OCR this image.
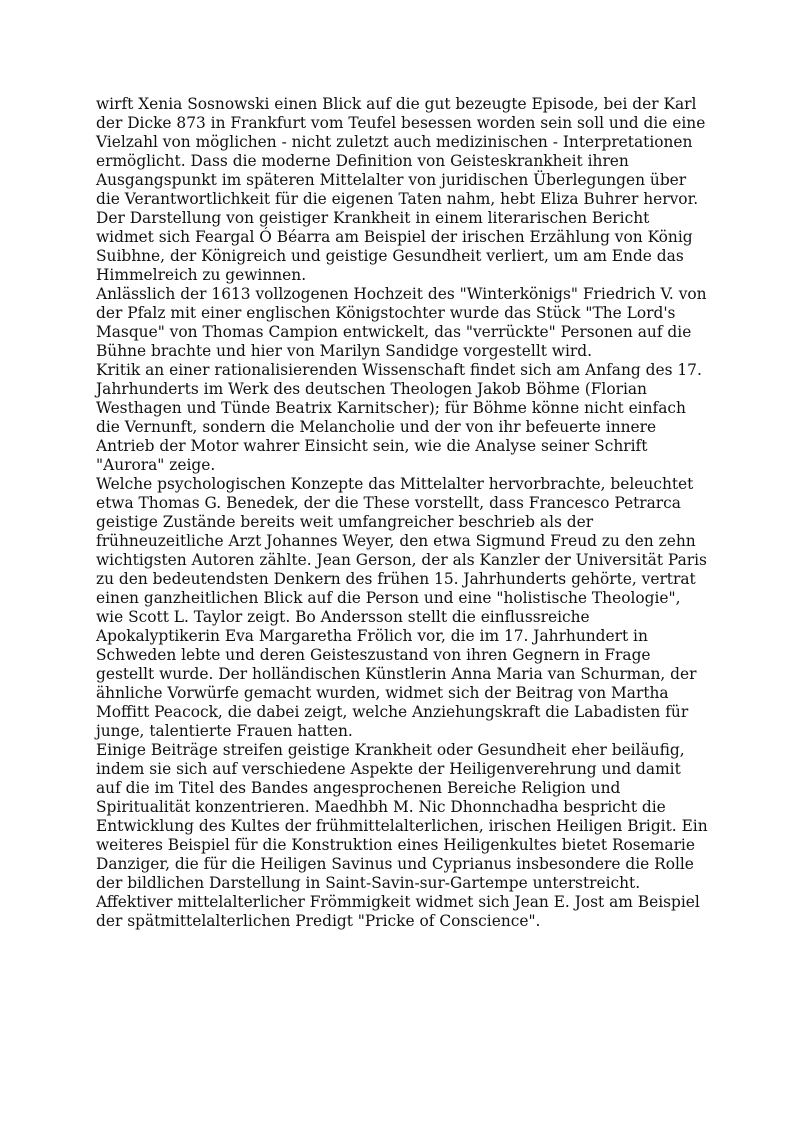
wirft Xenia Sosnowski einen Blick auf die gut bezeugte Episode, bei der Karl der Dicke 873 in Frankfurt vom Teufel besessen worden sein soll und die eine Vielzahl von möglichen - nicht zuletzt auch medizinischen - Interpretationen ermöglicht. Dass die moderne Definition von Geisteskrankheit ihren Ausgangspunkt im späteren Mittelalter von juridischen Überlegungen über die Verantwortlichkeit für die eigenen Taten nahm, hebt Eliza Buhrer hervor. Der Darstellung von geistiger Krankheit in einem literarischen Bericht widmet sich Feargal Ó Béarra am Beispiel der irischen Erzählung von König Suibhne, der Königreich und geistige Gesundheit verliert, um am Ende das Himmelreich zu gewinnen.

Anlässlich der 1613 vollzogenen Hochzeit des "Winterkönigs" Friedrich V. von der Pfalz mit einer englischen Königstochter wurde das Stück "The Lord's Masque" von Thomas Campion entwickelt, das "verrückte" Personen auf die Bühne brachte und hier von Marilyn Sandidge vorgestellt wird.

Kritik an einer rationalisierenden Wissenschaft findet sich am Anfang des 17. Jahrhunderts im Werk des deutschen Theologen Jakob Böhme (Florian Westhagen und Tünde Beatrix Karnitscher); für Böhme könne nicht einfach die Vernunft, sondern die Melancholie und der von ihr befeuerte innere Antrieb der Motor wahrer Einsicht sein, wie die Analyse seiner Schrift "Aurora" zeige.

Welche psychologischen Konzepte das Mittelalter hervorbrachte, beleuchtet etwa Thomas G. Benedek, der die These vorstellt, dass Francesco Petrarca geistige Zustände bereits weit umfangreicher beschrieb als der frühneuzeitliche Arzt Johannes Weyer, den etwa Sigmund Freud zu den zehn wichtigsten Autoren zählte. Jean Gerson, der als Kanzler der Universität Paris zu den bedeutendsten Denkern des frühen 15. Jahrhunderts gehörte, vertrat einen ganzheitlichen Blick auf die Person und eine "holistische Theologie", wie Scott L. Taylor zeigt. Bo Andersson stellt die einflussreiche Apokalyptikerin Eva Margaretha Frölich vor, die im 17. Jahrhundert in Schweden lebte und deren Geisteszustand von ihren Gegnern in Frage gestellt wurde. Der holländischen Künstlerin Anna Maria van Schurman, der ähnliche Vorwürfe gemacht wurden, widmet sich der Beitrag von Martha Moffitt Peacock, die dabei zeigt, welche Anziehungskraft die Labadisten für junge, talentierte Frauen hatten.

Einige Beiträge streifen geistige Krankheit oder Gesundheit eher beiläufig, indem sie sich auf verschiedene Aspekte der Heiligenverehrung und damit auf die im Titel des Bandes angesprochenen Bereiche Religion und Spiritualität konzentrieren. Maedhbh M. Nic Dhonnchadha bespricht die Entwicklung des Kultes der frühmittelalterlichen, irischen Heiligen Brigit. Ein weiteres Beispiel für die Konstruktion eines Heiligenkultes bietet Rosemarie Danziger, die für die Heiligen Savinus und Cyprianus insbesondere die Rolle der bildlichen Darstellung in Saint-Savin-sur-Gartempe unterstreicht. Affektiver mittelalterlicher Frömmigkeit widmet sich Jean E. Jost am Beispiel der spätmittelalterlichen Predigt "Pricke of Conscience".
